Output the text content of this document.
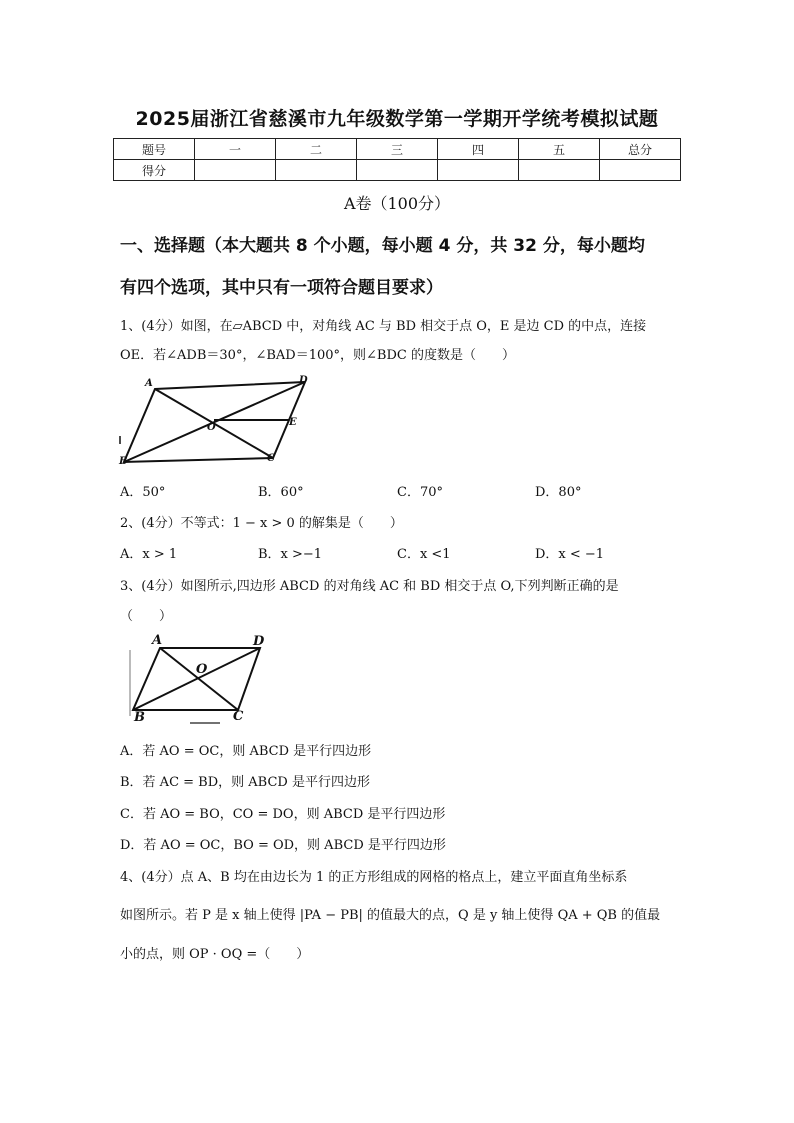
2025届浙江省慈溪市九年级数学第一学期开学统考模拟试题
题号	一	二	三	四	五	总分
得分						
A卷（100分）
一、选择题（本大题共 8 个小题，每小题 4 分，共 32 分，每小题均
有四个选项，其中只有一项符合题目要求）
1、(4分）如图，在▱ABCD 中，对角线 AC 与 BD 相交于点 O，E 是边 CD 的中点，连接
OE．若∠ADB＝30°，∠BAD＝100°，则∠BDC 的度数是（　　）
A	D
O	E
B	C
A．50°	B．60°	C．70°	D．80°
2、(4分）不等式：1 − x > 0 的解集是（　　）
A．x > 1	B．x >−1	C．x <1	D．x < −1
3、(4分）如图所示,四边形 ABCD 的对角线 AC 和 BD 相交于点 O,下列判断正确的是
（　　）
A	D
O
B	C
A．若 AO = OC，则 ABCD 是平行四边形
B．若 AC = BD，则 ABCD 是平行四边形
C．若 AO = BO，CO = DO，则 ABCD 是平行四边形
D．若 AO = OC，BO = OD，则 ABCD 是平行四边形
4、(4分）点 A、B 均在由边长为 1 的正方形组成的网格的格点上，建立平面直角坐标系
如图所示。若 P 是 x 轴上使得 |PA − PB| 的值最大的点，Q 是 y 轴上使得 QA + QB 的值最
小的点，则 OP · OQ =（　　）
